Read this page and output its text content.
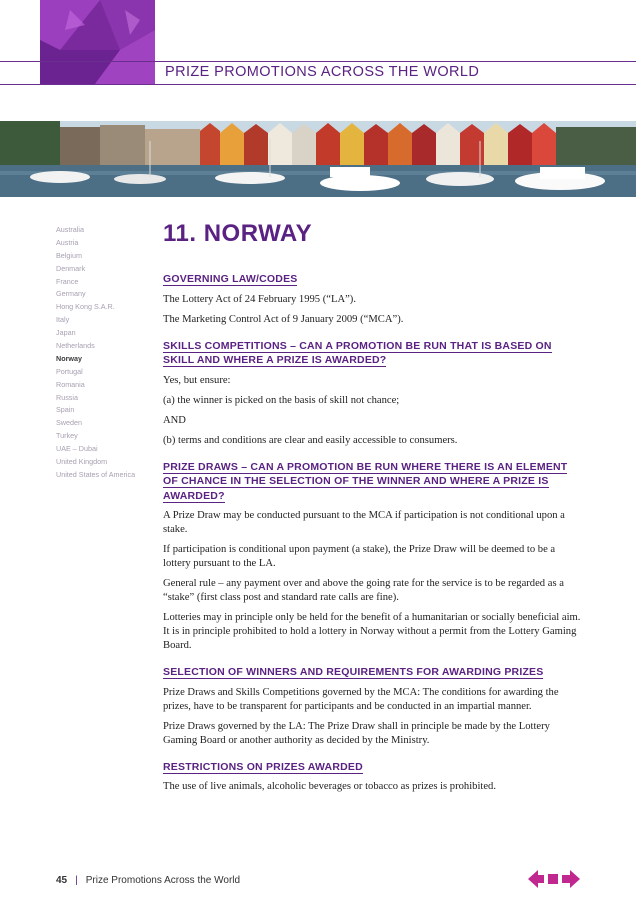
PRIZE PROMOTIONS ACROSS THE WORLD
Australia
Austria
Belgium
Denmark
France
Germany
Hong Kong S.A.R.
Italy
Japan
Netherlands
Norway
Portugal
Romania
Russia
Spain
Sweden
Turkey
UAE – Dubai
United Kingdom
United States of America
11. NORWAY
GOVERNING LAW/CODES

The Lottery Act of 24 February 1995 (“LA”).

The Marketing Control Act of 9 January 2009 (“MCA”).

SKILLS COMPETITIONS – CAN A PROMOTION BE RUN THAT IS BASED ON SKILL AND WHERE A PRIZE IS AWARDED?

Yes, but ensure:

(a) the winner is picked on the basis of skill not chance;

AND

(b) terms and conditions are clear and easily accessible to consumers.

PRIZE DRAWS – CAN A PROMOTION BE RUN WHERE THERE IS AN ELEMENT OF CHANCE IN THE SELECTION OF THE WINNER AND WHERE A PRIZE IS AWARDED?

A Prize Draw may be conducted pursuant to the MCA if participation is not conditional upon a stake.

If participation is conditional upon payment (a stake), the Prize Draw will be deemed to be a lottery pursuant to the LA.

General rule – any payment over and above the going rate for the service is to be regarded as a “stake” (first class post and standard rate calls are fine).

Lotteries may in principle only be held for the benefit of a humanitarian or socially beneficial aim. It is in principle prohibited to hold a lottery in Norway without a permit from the Lottery Gaming Board.

SELECTION OF WINNERS AND REQUIREMENTS FOR AWARDING PRIZES

Prize Draws and Skills Competitions governed by the MCA: The conditions for awarding the prizes, have to be transparent for participants and be conducted in an impartial manner.

Prize Draws governed by the LA: The Prize Draw shall in principle be made by the Lottery Gaming Board or another authority as decided by the Ministry.

RESTRICTIONS ON PRIZES AWARDED

The use of live animals, alcoholic beverages or tobacco as prizes is prohibited.

45 | Prize Promotions Across the World
